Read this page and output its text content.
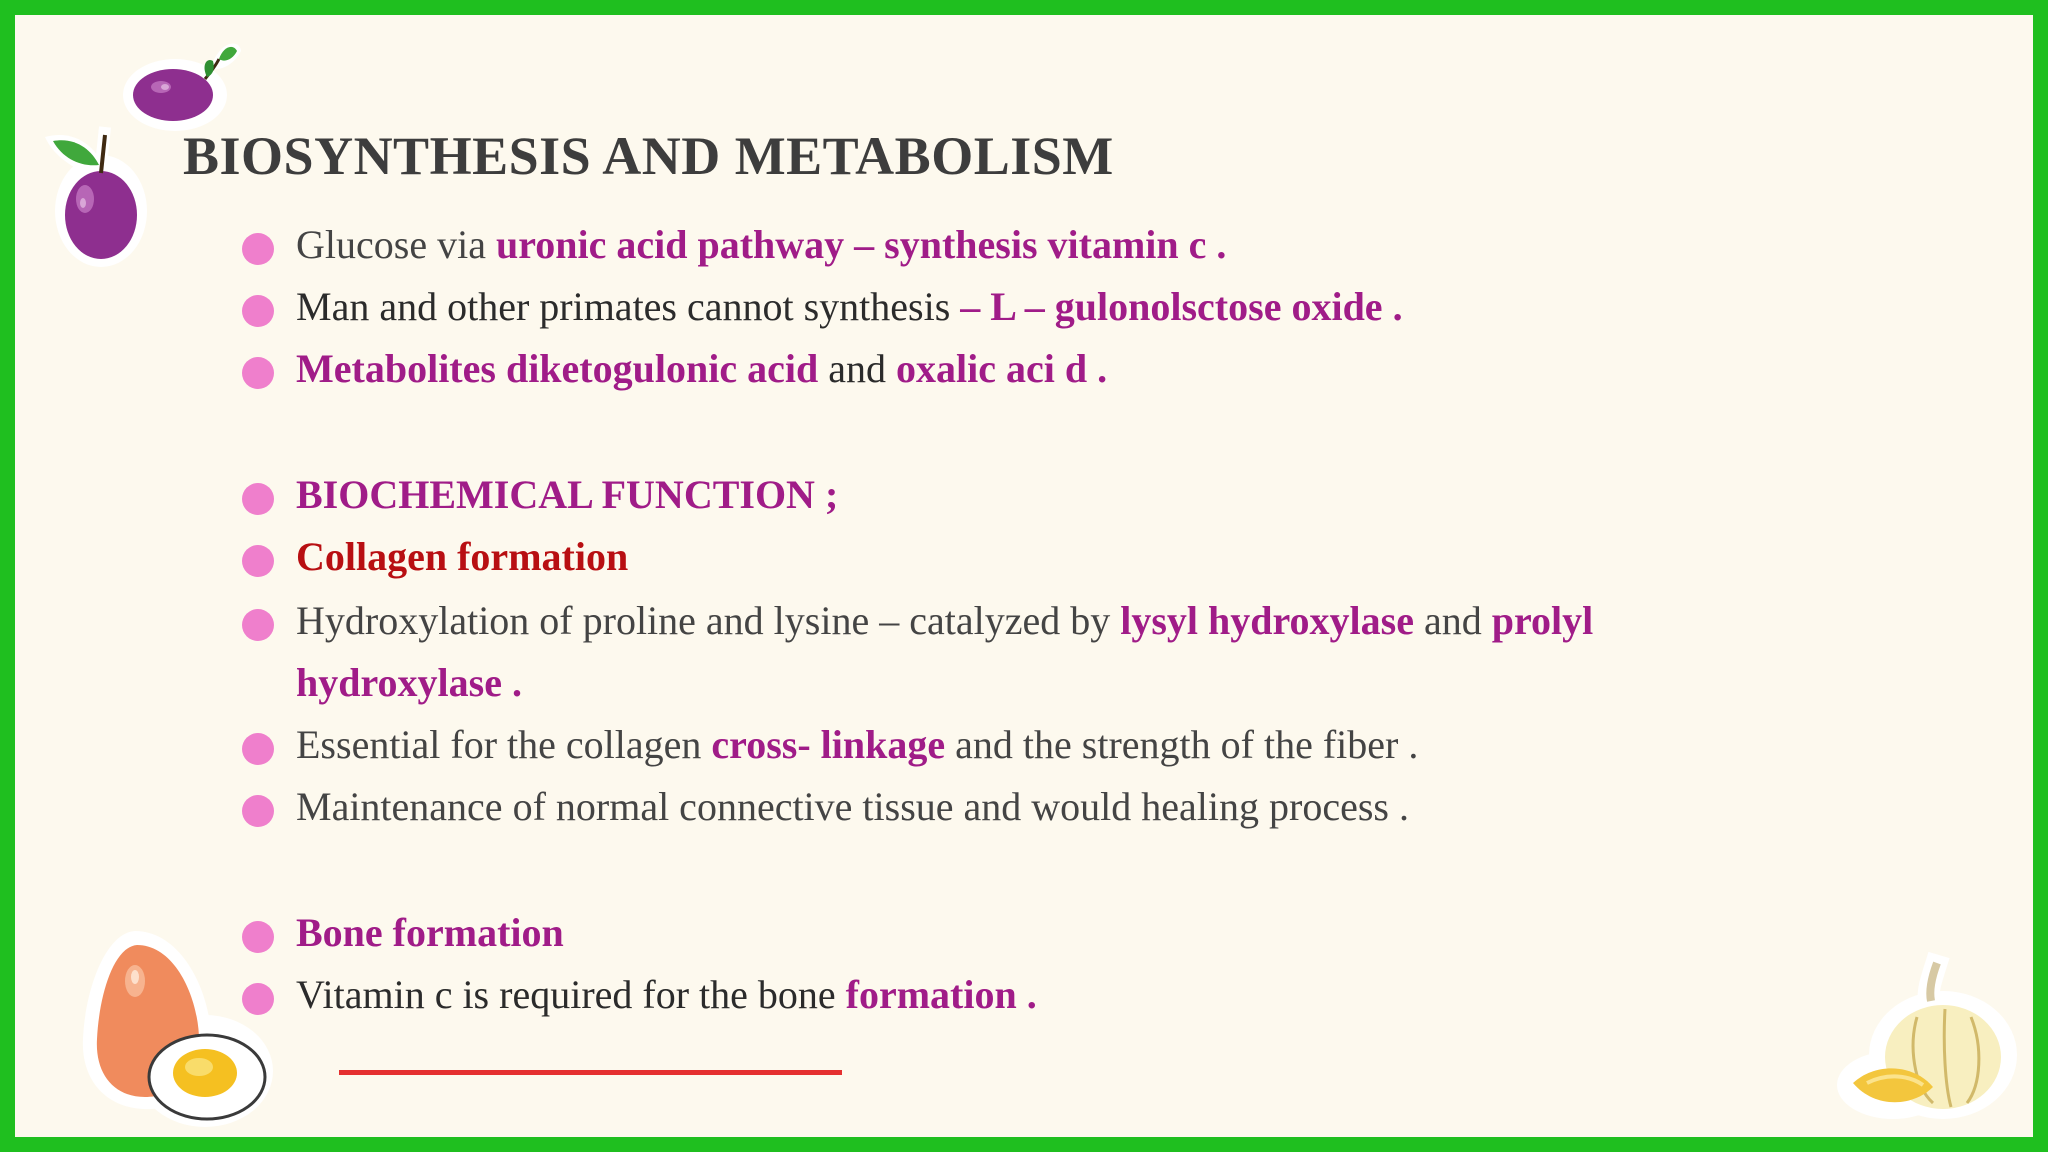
BIOSYNTHESIS AND METABOLISM
Glucose via uronic acid pathway – synthesis vitamin c .
Man and other primates cannot synthesis – L – gulonolsctose oxide .
Metabolites diketogulonic acid and oxalic aci d .
BIOCHEMICAL FUNCTION ;
Collagen formation
Hydroxylation of proline and lysine – catalyzed by lysyl hydroxylase and prolyl
hydroxylase .
Essential for the collagen cross- linkage and the strength of the fiber .
Maintenance of normal connective tissue and would healing process .
Bone formation
Vitamin c is required for the bone formation .
